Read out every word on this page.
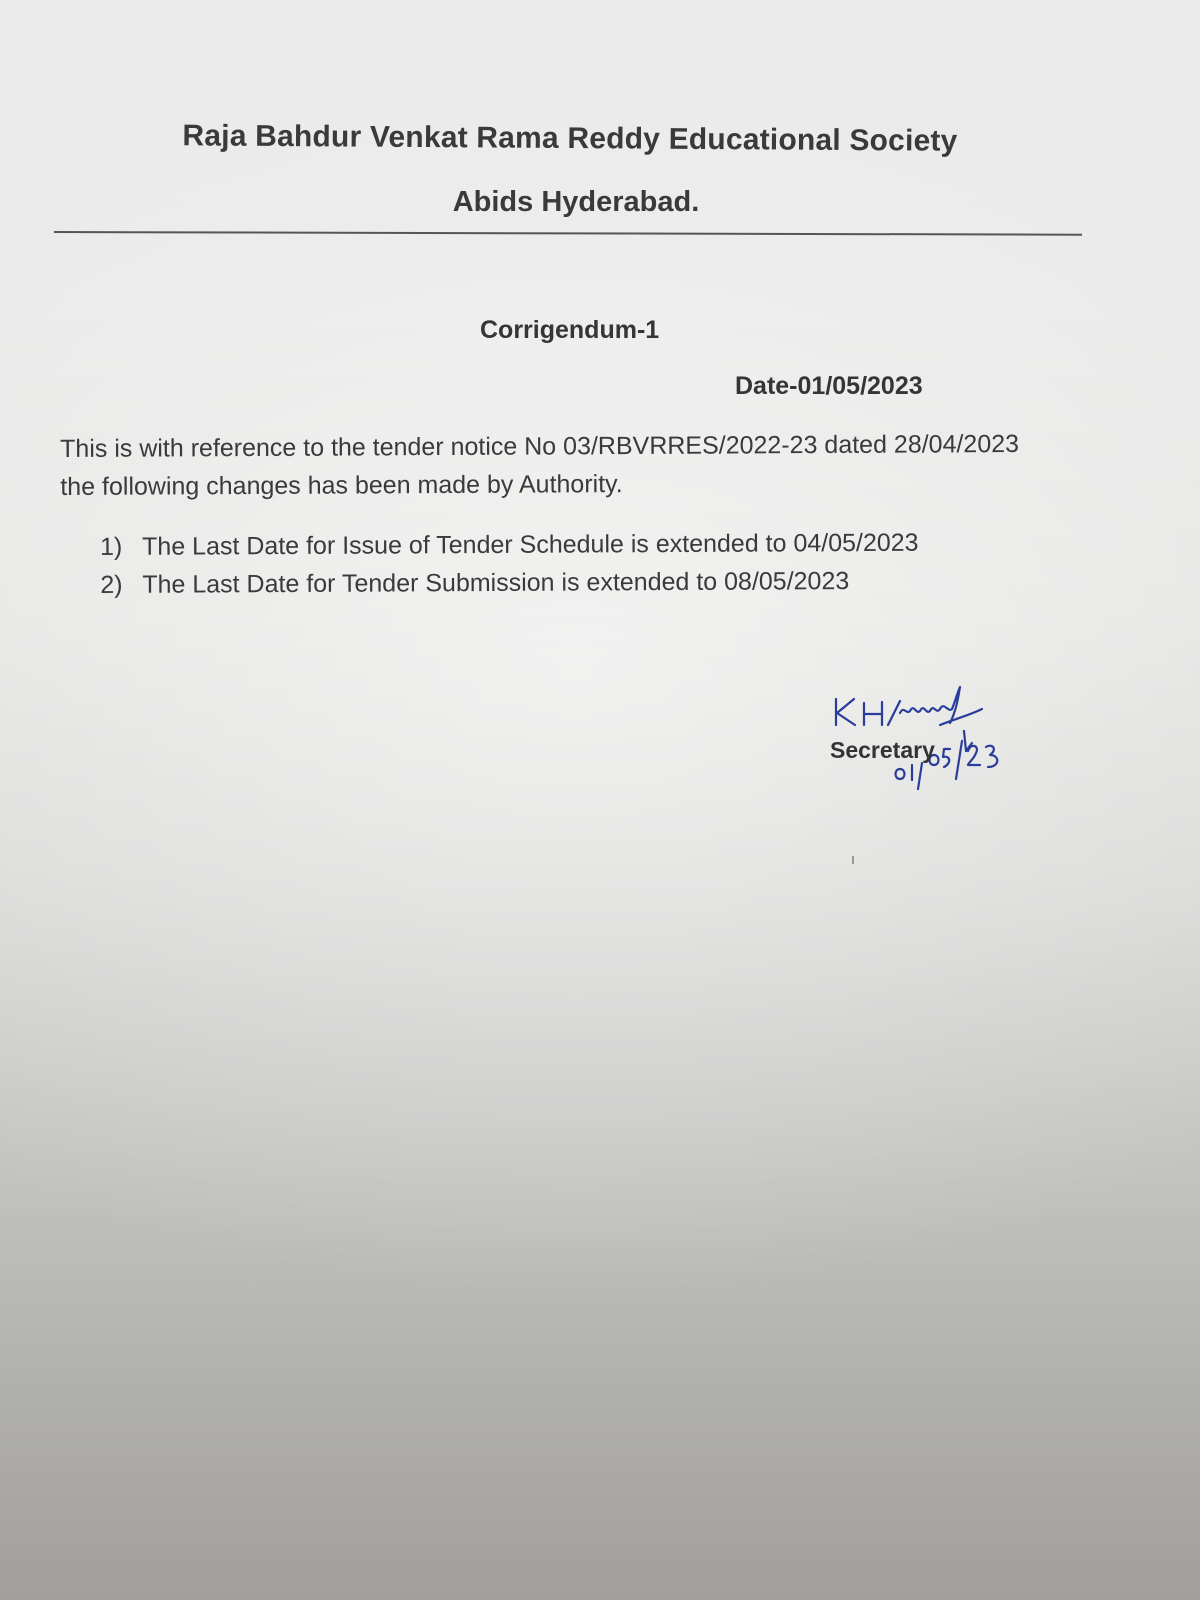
Raja Bahdur Venkat Rama Reddy Educational Society
Abids Hyderabad.
Corrigendum-1
Date-01/05/2023
This is with reference to the tender notice No 03/RBVRRES/2022-23 dated 28/04/2023
the following changes has been made by Authority.
1) The Last Date for Issue of Tender Schedule is extended to 04/05/2023
2) The Last Date for Tender Submission is extended to 08/05/2023
Secretary
